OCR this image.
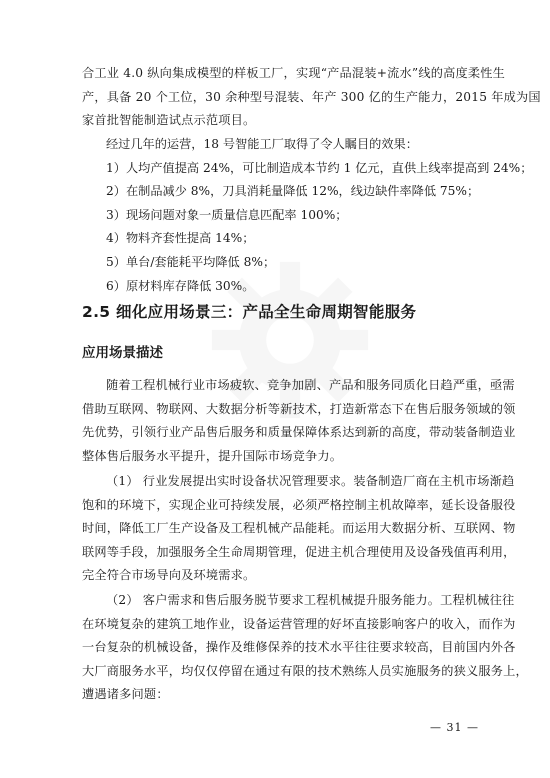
合工业 4.0 纵向集成模型的样板工厂，实现“产品混装+流水”线的高度柔性生
产，具备 20 个工位，30 余种型号混装、年产 300 亿的生产能力，2015 年成为国
家首批智能制造试点示范项目。

经过几年的运营，18 号智能工厂取得了令人瞩目的效果：

1）人均产值提高 24%，可比制造成本节约 1 亿元，直供上线率提高到 24%；

2）在制品减少 8%，刀具消耗量降低 12%，线边缺件率降低 75%；

3）现场问题对象一质量信息匹配率 100%；

4）物料齐套性提高 14%；

5）单台/套能耗平均降低 8%；

6）原材料库存降低 30%。

2.5 细化应用场景三：产品全生命周期智能服务
应用场景描述

随着工程机械行业市场疲软、竞争加剧、产品和服务同质化日趋严重，亟需
借助互联网、物联网、大数据分析等新技术，打造新常态下在售后服务领域的领
先优势，引领行业产品售后服务和质量保障体系达到新的高度，带动装备制造业
整体售后服务水平提升，提升国际市场竞争力。

（1） 行业发展提出实时设备状况管理要求。装备制造厂商在主机市场渐趋
饱和的环境下，实现企业可持续发展，必须严格控制主机故障率，延长设备服役
时间，降低工厂生产设备及工程机械产品能耗。而运用大数据分析、互联网、物
联网等手段，加强服务全生命周期管理，促进主机合理使用及设备残值再利用，
完全符合市场导向及环境需求。

（2） 客户需求和售后服务脱节要求工程机械提升服务能力。工程机械往往
在环境复杂的建筑工地作业，设备运营管理的好坏直接影响客户的收入，而作为
一台复杂的机械设备，操作及维修保养的技术水平往往要求较高，目前国内外各
大厂商服务水平，均仅仅停留在通过有限的技术熟练人员实施服务的狭义服务上，
遭遇诸多问题：

— 31 —
